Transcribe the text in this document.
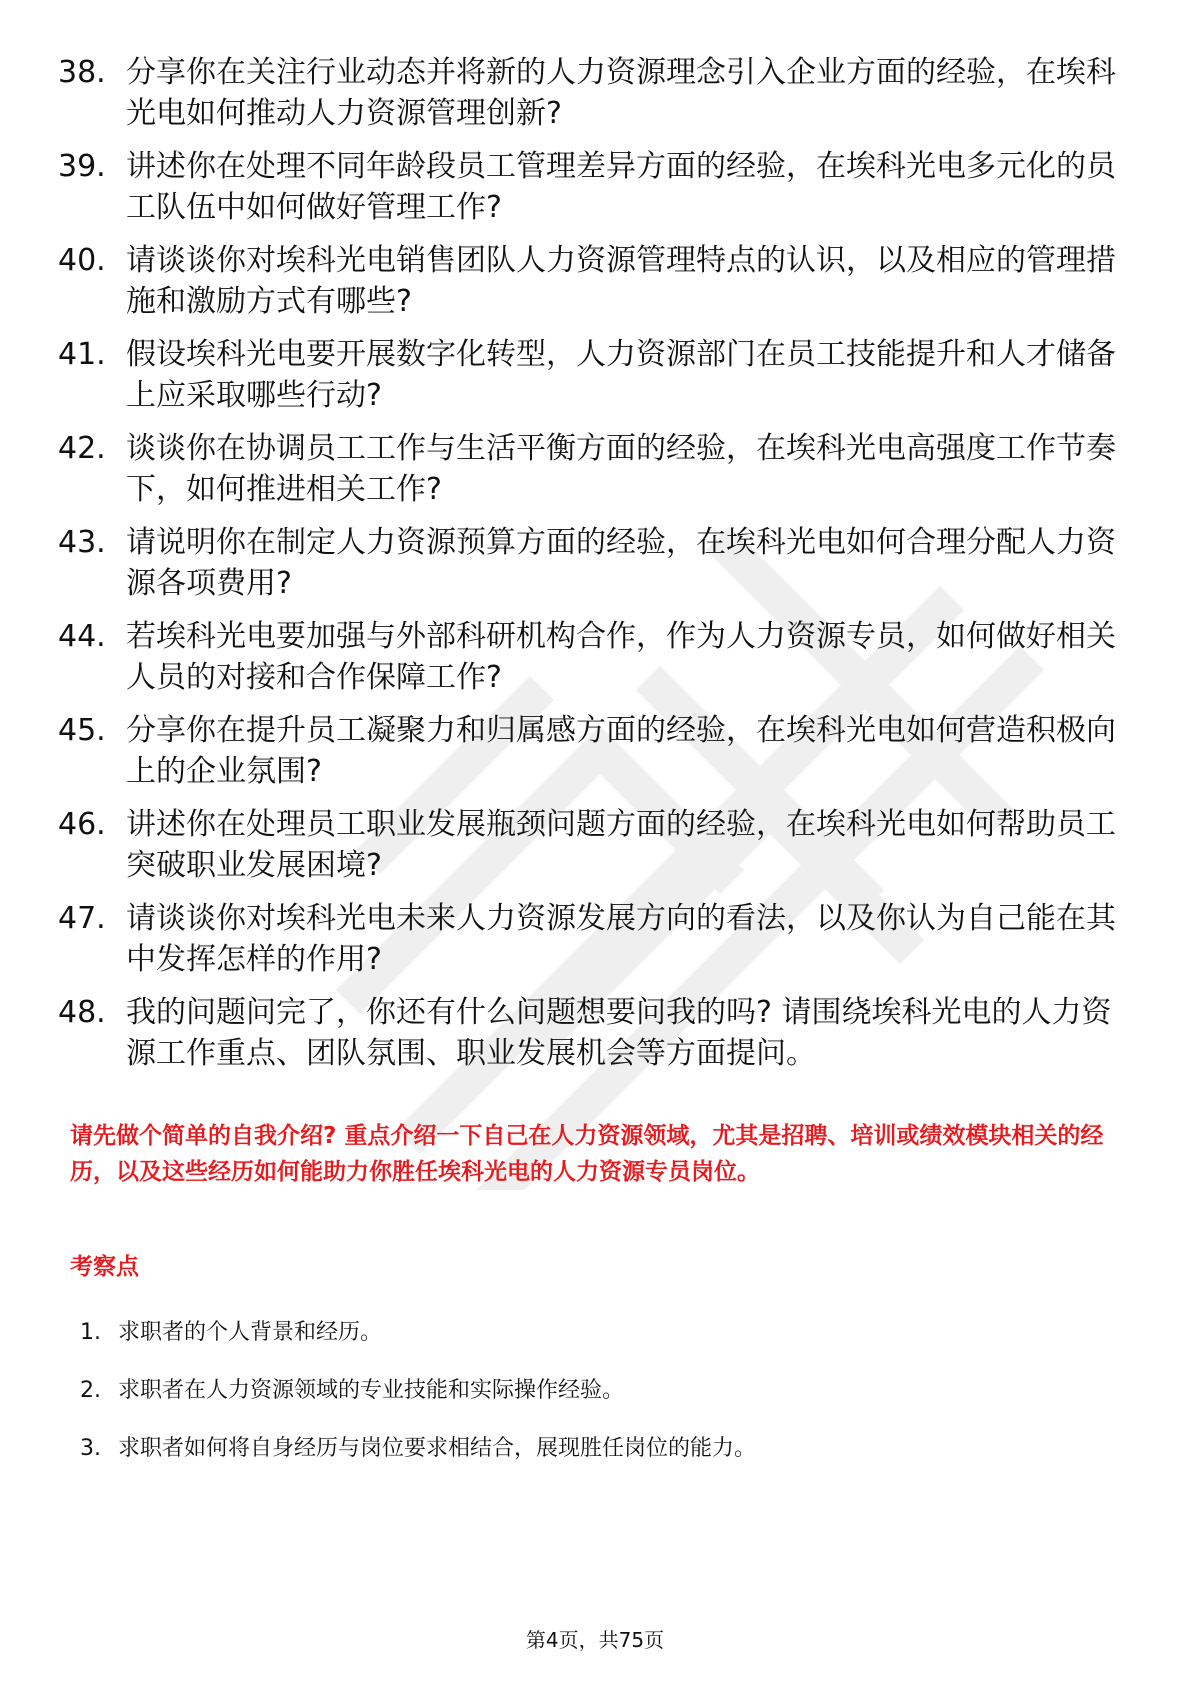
38. 分享你在关注行业动态并将新的人力资源理念引入企业方面的经验，在埃科光电如何推动人力资源管理创新?
39. 讲述你在处理不同年龄段员工管理差异方面的经验，在埃科光电多元化的员工队伍中如何做好管理工作?
40. 请谈谈你对埃科光电销售团队人力资源管理特点的认识，以及相应的管理措施和激励方式有哪些?
41. 假设埃科光电要开展数字化转型，人力资源部门在员工技能提升和人才储备上应采取哪些行动?
42. 谈谈你在协调员工工作与生活平衡方面的经验，在埃科光电高强度工作节奏下，如何推进相关工作?
43. 请说明你在制定人力资源预算方面的经验，在埃科光电如何合理分配人力资源各项费用?
44. 若埃科光电要加强与外部科研机构合作，作为人力资源专员，如何做好相关人员的对接和合作保障工作?
45. 分享你在提升员工凝聚力和归属感方面的经验，在埃科光电如何营造积极向上的企业氛围?
46. 讲述你在处理员工职业发展瓶颈问题方面的经验，在埃科光电如何帮助员工突破职业发展困境?
47. 请谈谈你对埃科光电未来人力资源发展方向的看法，以及你认为自己能在其中发挥怎样的作用?
48. 我的问题问完了，你还有什么问题想要问我的吗? 请围绕埃科光电的人力资源工作重点、团队氛围、职业发展机会等方面提问。

请先做个简单的自我介绍? 重点介绍一下自己在人力资源领域，尤其是招聘、培训或绩效模块相关的经历，以及这些经历如何能助力你胜任埃科光电的人力资源专员岗位。

考察点
1. 求职者的个人背景和经历。
2. 求职者在人力资源领域的专业技能和实际操作经验。
3. 求职者如何将自身经历与岗位要求相结合，展现胜任岗位的能力。
第4页，共75页
